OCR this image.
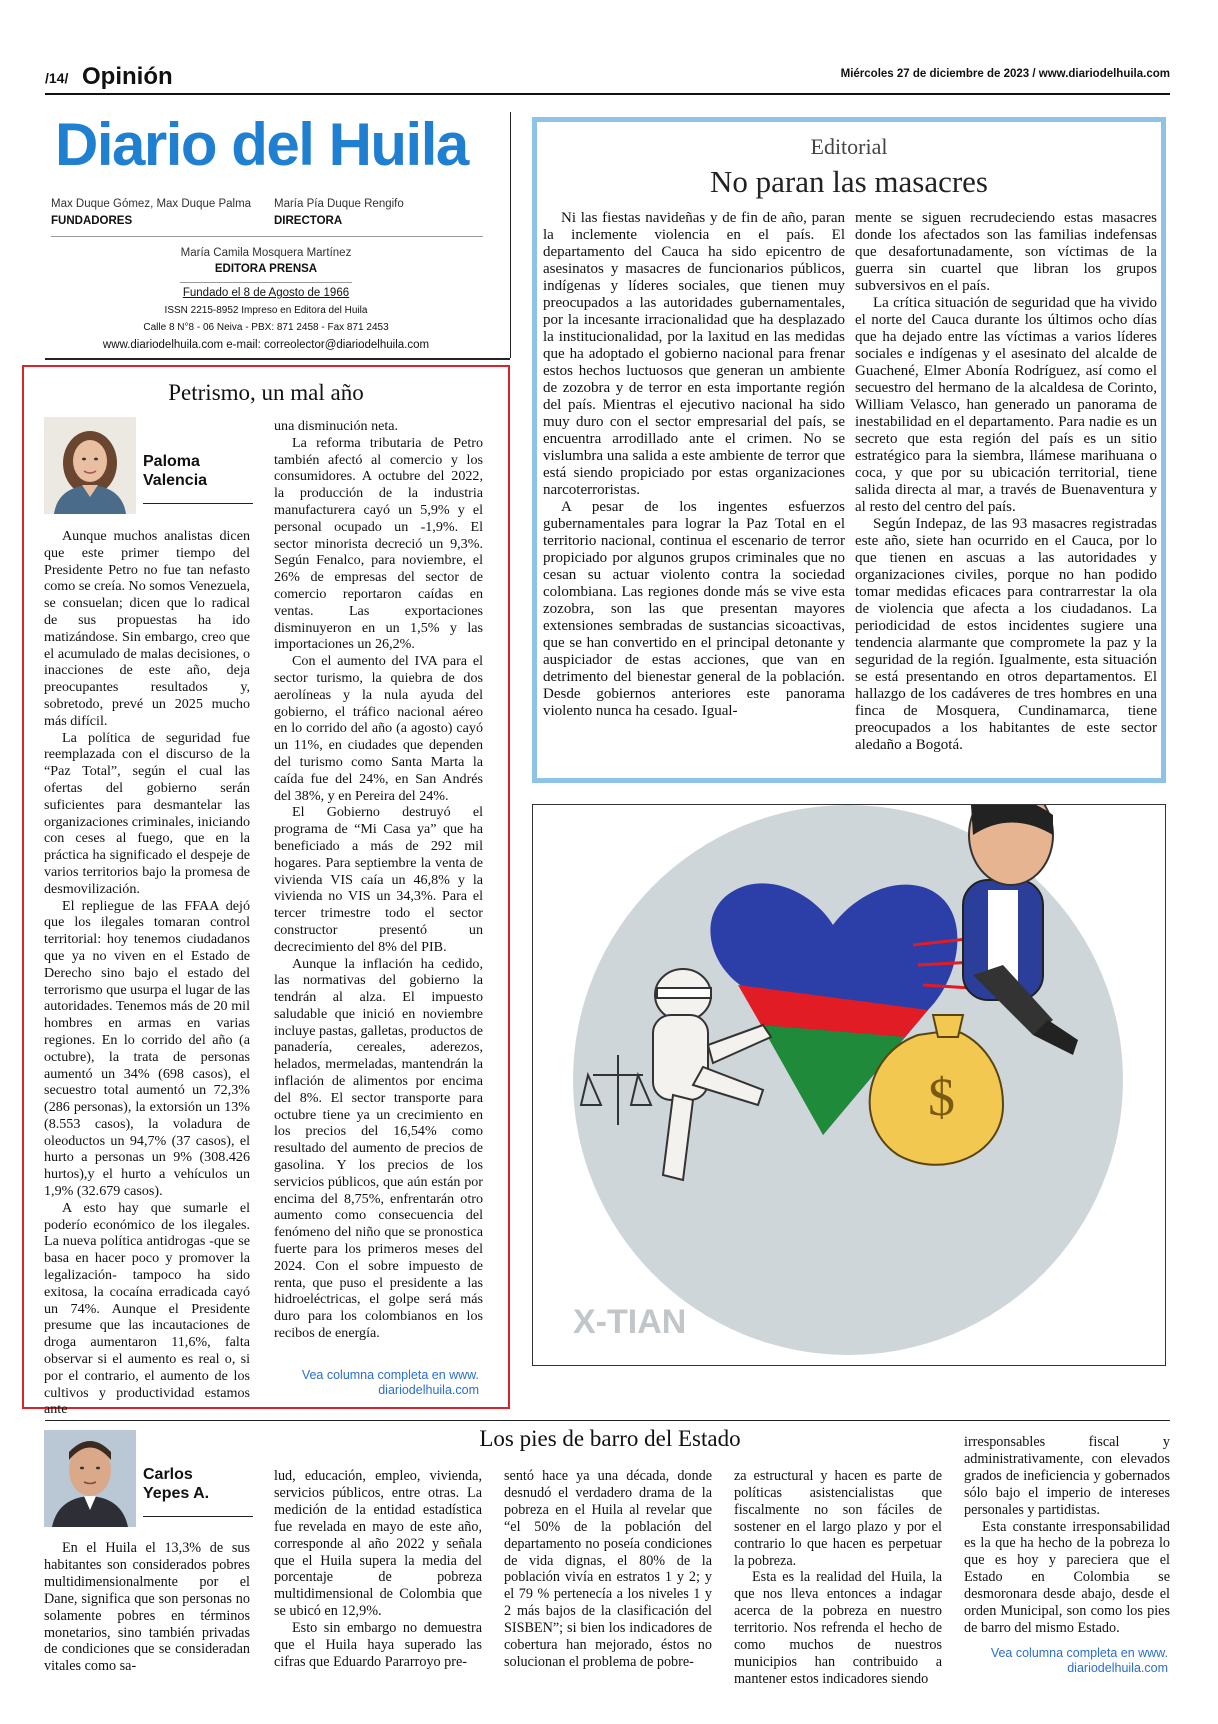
/14/ Opinión	Miércoles 27 de diciembre de 2023 / www.diariodelhuila.com
Diario del Huila
Max Duque Gómez, Max Duque Palma
FUNDADORES
María Pía Duque Rengifo
DIRECTORA
María Camila Mosquera Martínez
EDITORA PRENSA
Fundado el 8 de Agosto de 1966
ISSN 2215-8952 Impreso en Editora del Huila
Calle 8 N°8 - 06 Neiva - PBX: 871 2458 - Fax 871 2453
www.diariodelhuila.com e-mail: correolector@diariodelhuila.com
Editorial
No paran las masacres

Ni las fiestas navideñas y de fin de año, paran la inclemente violencia en el país. El departamento del Cauca ha sido epicentro de asesinatos y masacres de funcionarios públicos, indígenas y líderes sociales, que tienen muy preocupados a las autoridades gubernamentales, por la incesante irracionalidad que ha desplazado la institucionalidad, por la laxitud en las medidas que ha adoptado el gobierno nacional para frenar estos hechos luctuosos que generan un ambiente de zozobra y de terror en esta importante región del país. Mientras el ejecutivo nacional ha sido muy duro con el sector empresarial del país, se encuentra arrodillado ante el crimen. No se vislumbra una salida a este ambiente de terror que está siendo propiciado por estas organizaciones narcoterroristas.

A pesar de los ingentes esfuerzos gubernamentales para lograr la Paz Total en el territorio nacional, continua el escenario de terror propiciado por algunos grupos criminales que no cesan su actuar violento contra la sociedad colombiana. Las regiones donde más se vive esta zozobra, son las que presentan mayores extensiones sembradas de sustancias sicoactivas, que se han convertido en el principal detonante y auspiciador de estas acciones, que van en detrimento del bienestar general de la población. Desde gobiernos anteriores este panorama violento nunca ha cesado. Igual-

mente se siguen recrudeciendo estas masacres donde los afectados son las familias indefensas que desafortunadamente, son víctimas de la guerra sin cuartel que libran los grupos subversivos en el país.

La crítica situación de seguridad que ha vivido el norte del Cauca durante los últimos ocho días que ha dejado entre las víctimas a varios líderes sociales e indígenas y el asesinato del alcalde de Guachené, Elmer Abonía Rodríguez, así como el secuestro del hermano de la alcaldesa de Corinto, William Velasco, han generado un panorama de inestabilidad en el departamento. Para nadie es un secreto que esta región del país es un sitio estratégico para la siembra, llámese marihuana o coca, y que por su ubicación territorial, tiene salida directa al mar, a través de Buenaventura y al resto del centro del país.

Según Indepaz, de las 93 masacres registradas este año, siete han ocurrido en el Cauca, por lo que tienen en ascuas a las autoridades y organizaciones civiles, porque no han podido tomar medidas eficaces para contrarrestar la ola de violencia que afecta a los ciudadanos. La periodicidad de estos incidentes sugiere una tendencia alarmante que compromete la paz y la seguridad de la región. Igualmente, esta situación se está presentando en otros departamentos. El hallazgo de los cadáveres de tres hombres en una finca de Mosquera, Cundinamarca, tiene preocupados a los habitantes de este sector aledaño a Bogotá.

Petrismo, un mal año
Paloma
Valencia

Aunque muchos analistas dicen que este primer tiempo del Presidente Petro no fue tan nefasto como se creía. No somos Venezuela, se consuelan; dicen que lo radical de sus propuestas ha ido matizándose. Sin embargo, creo que el acumulado de malas decisiones, o inacciones de este año, deja preocupantes resultados y, sobretodo, prevé un 2025 mucho más difícil.

La política de seguridad fue reemplazada con el discurso de la “Paz Total”, según el cual las ofertas del gobierno serán suficientes para desmantelar las organizaciones criminales, iniciando con ceses al fuego, que en la práctica ha significado el despeje de varios territorios bajo la promesa de desmovilización.

El repliegue de las FFAA dejó que los ilegales tomaran control territorial: hoy tenemos ciudadanos que ya no viven en el Estado de Derecho sino bajo el estado del terrorismo que usurpa el lugar de las autoridades. Tenemos más de 20 mil hombres en armas en varias regiones. En lo corrido del año (a octubre), la trata de personas aumentó un 34% (698 casos), el secuestro total aumentó un 72,3% (286 personas), la extorsión un 13% (8.553 casos), la voladura de oleoductos un 94,7% (37 casos), el hurto a personas un 9% (308.426 hurtos),y el hurto a vehículos un 1,9% (32.679 casos).

A esto hay que sumarle el poderío económico de los ilegales. La nueva política antidrogas -que se basa en hacer poco y promover la legalización- tampoco ha sido exitosa, la cocaína erradicada cayó un 74%. Aunque el Presidente presume que las incautaciones de droga aumentaron 11,6%, falta observar si el aumento es real o, si por el contrario, el aumento de los cultivos y productividad estamos ante

una disminución neta.

La reforma tributaria de Petro también afectó al comercio y los consumidores. A octubre del 2022, la producción de la industria manufacturera cayó un 5,9% y el personal ocupado un -1,9%. El sector minorista decreció un 9,3%. Según Fenalco, para noviembre, el 26% de empresas del sector de comercio reportaron caídas en ventas. Las exportaciones disminuyeron en un 1,5% y las importaciones un 26,2%.

Con el aumento del IVA para el sector turismo, la quiebra de dos aerolíneas y la nula ayuda del gobierno, el tráfico nacional aéreo en lo corrido del año (a agosto) cayó un 11%, en ciudades que dependen del turismo como Santa Marta la caída fue del 24%, en San Andrés del 38%, y en Pereira del 24%.

El Gobierno destruyó el programa de “Mi Casa ya” que ha beneficiado a más de 292 mil hogares. Para septiembre la venta de vivienda VIS caía un 46,8% y la vivienda no VIS un 34,3%. Para el tercer trimestre todo el sector constructor presentó un decrecimiento del 8% del PIB.

Aunque la inflación ha cedido, las normativas del gobierno la tendrán al alza. El impuesto saludable que inició en noviembre incluye pastas, galletas, productos de panadería, cereales, aderezos, helados, mermeladas, mantendrán la inflación de alimentos por encima del 8%. El sector transporte para octubre tiene ya un crecimiento en los precios del 16,54% como resultado del aumento de precios de gasolina. Y los precios de los servicios públicos, que aún están por encima del 8,75%, enfrentarán otro aumento como consecuencia del fenómeno del niño que se pronostica fuerte para los primeros meses del 2024. Con el sobre impuesto de renta, que puso el presidente a las hidroeléctricas, el golpe será más duro para los colombianos en los recibos de energía.

Vea columna completa en www.
diariodelhuila.com
$
X-TIAN
Los pies de barro del Estado
Carlos
Yepes A.

En el Huila el 13,3% de sus habitantes son considerados pobres multidimensionalmente por el Dane, significa que son personas no solamente pobres en términos monetarios, sino también privadas de condiciones que se consideradan vitales como sa-

lud, educación, empleo, vivienda, servicios públicos, entre otras. La medición de la entidad estadística fue revelada en mayo de este año, corresponde al año 2022 y señala que el Huila supera la media del porcentaje de pobreza multidimensional de Colombia que se ubicó en 12,9%.

Esto sin embargo no demuestra que el Huila haya superado las cifras que Eduardo Pararroyo pre-

sentó hace ya una década, donde desnudó el verdadero drama de la pobreza en el Huila al revelar que “el 50% de la población del departamento no poseía condiciones de vida dignas, el 80% de la población vivía en estratos 1 y 2; y el 79 % pertenecía a los niveles 1 y 2 más bajos de la clasificación del SISBEN”; si bien los indicadores de cobertura han mejorado, éstos no solucionan el problema de pobre-

za estructural y hacen es parte de políticas asistencialistas que fiscalmente no son fáciles de sostener en el largo plazo y por el contrario lo que hacen es perpetuar la pobreza.

Esta es la realidad del Huila, la que nos lleva entonces a indagar acerca de la pobreza en nuestro territorio. Nos refrenda el hecho de como muchos de nuestros municipios han contribuido a mantener estos indicadores siendo

irresponsables fiscal y administrativamente, con elevados grados de ineficiencia y gobernados sólo bajo el imperio de intereses personales y partidistas.

Esta constante irresponsabilidad es la que ha hecho de la pobreza lo que es hoy y pareciera que el Estado en Colombia se desmoronara desde abajo, desde el orden Municipal, son como los pies de barro del mismo Estado.

Vea columna completa en www.
diariodelhuila.com
